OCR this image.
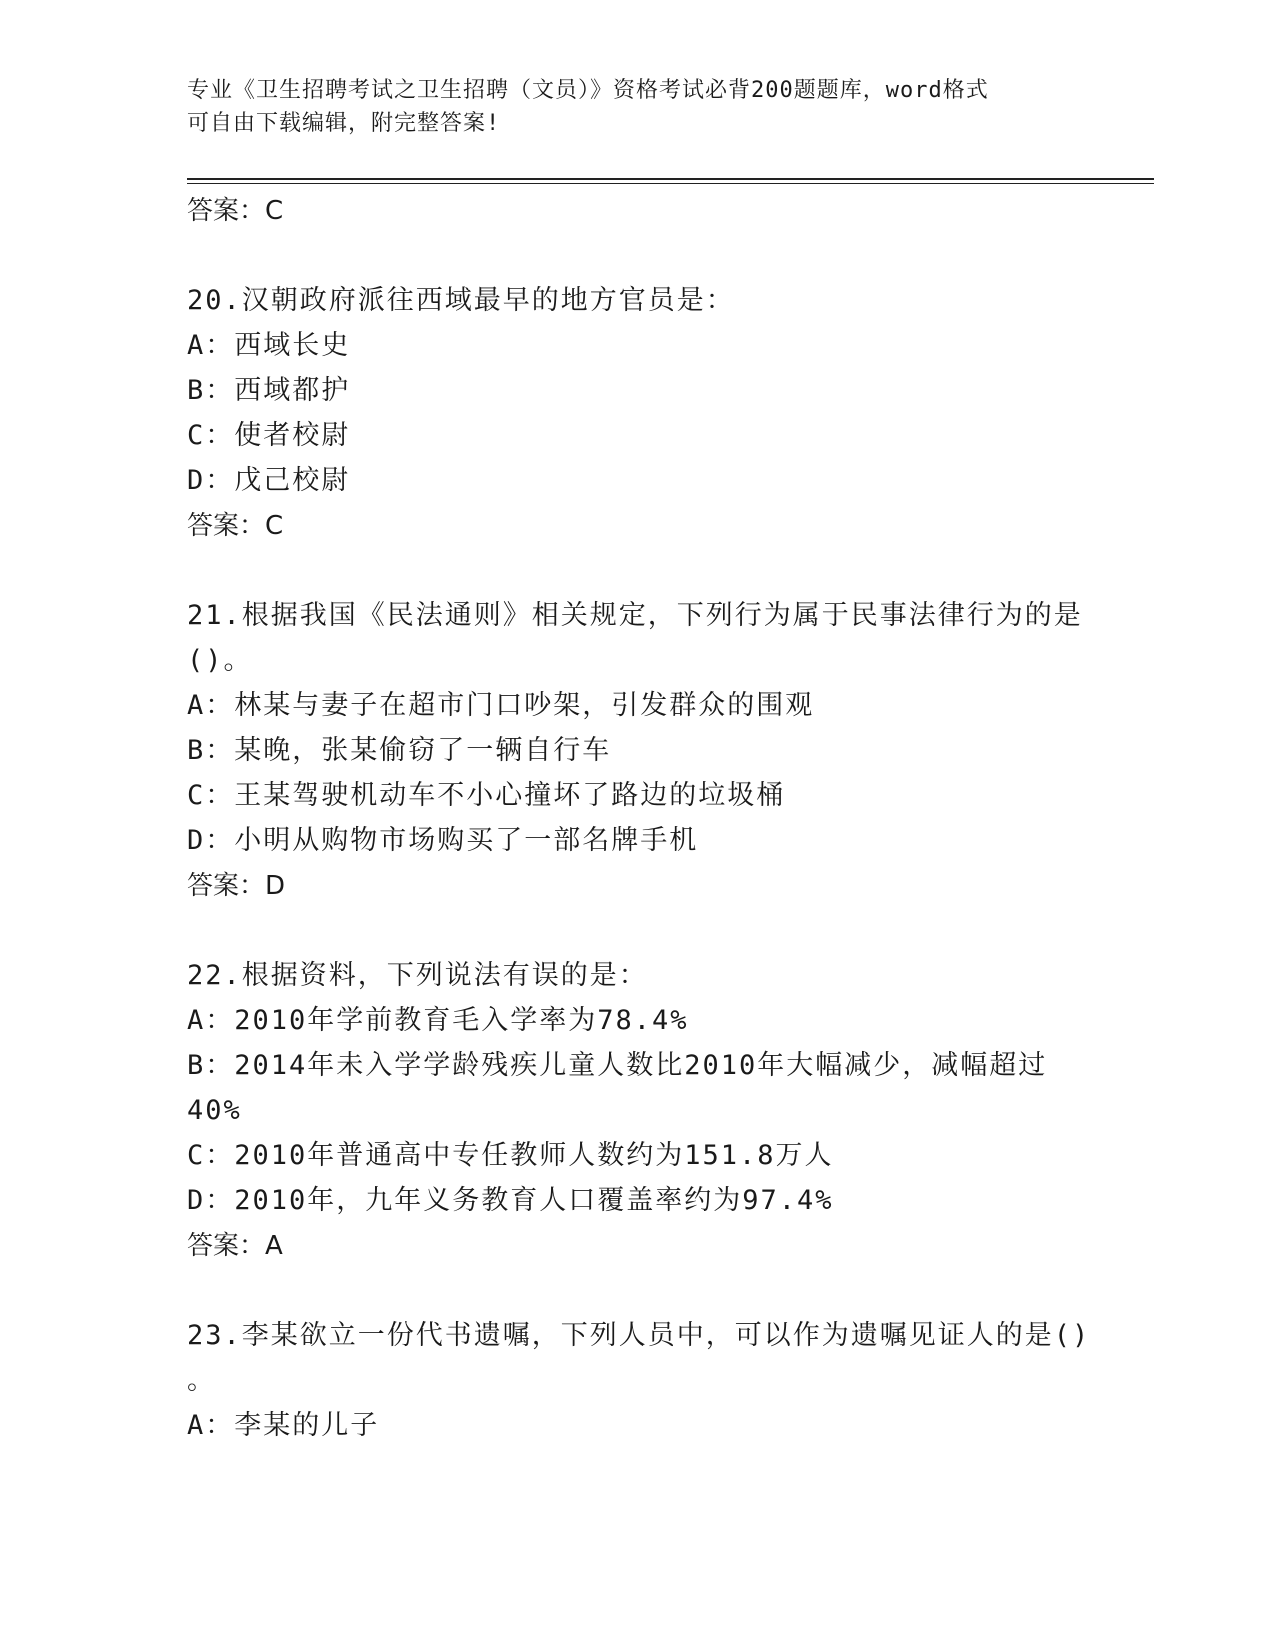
专业《卫生招聘考试之卫生招聘（文员）》资格考试必背200题题库，word格式
可自由下载编辑，附完整答案!
答案：C
20.汉朝政府派往西域最早的地方官员是：
A：西域长史
B：西域都护
C：使者校尉
D：戊己校尉
答案：C
21.根据我国《民法通则》相关规定，下列行为属于民事法律行为的是
()。
A：林某与妻子在超市门口吵架，引发群众的围观
B：某晚，张某偷窃了一辆自行车
C：王某驾驶机动车不小心撞坏了路边的垃圾桶
D：小明从购物市场购买了一部名牌手机
答案：D
22.根据资料，下列说法有误的是：
A：2010年学前教育毛入学率为78.4%
B：2014年未入学学龄残疾儿童人数比2010年大幅减少，减幅超过
40%
C：2010年普通高中专任教师人数约为151.8万人
D：2010年，九年义务教育人口覆盖率约为97.4%
答案：A
23.李某欲立一份代书遗嘱，下列人员中，可以作为遗嘱见证人的是()
。
A：李某的儿子
